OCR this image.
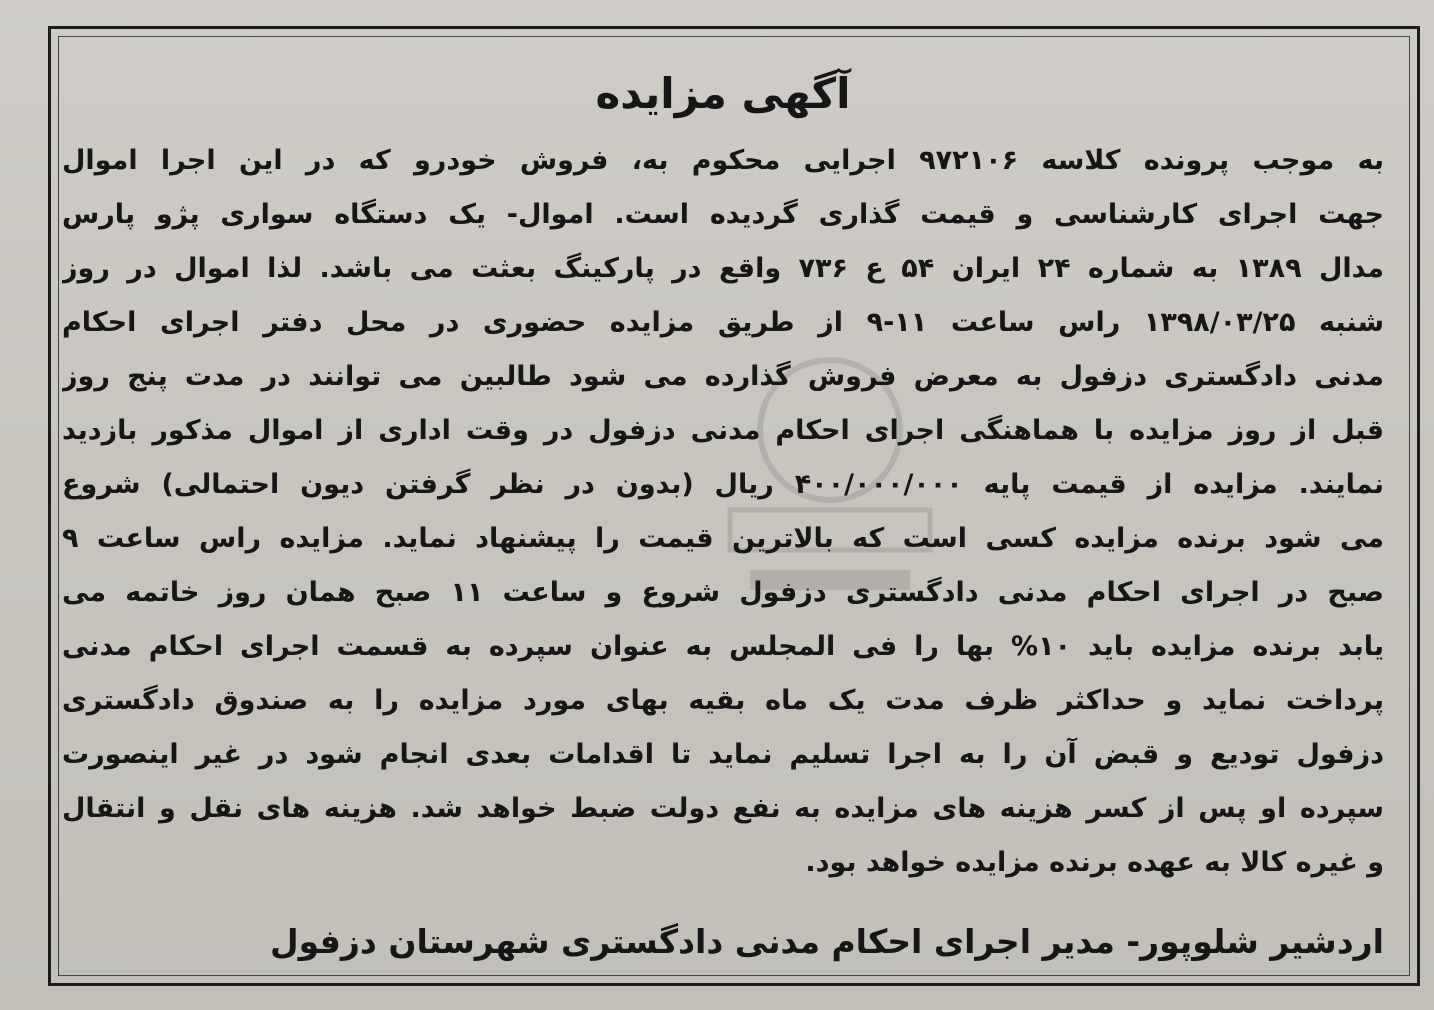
آگهی مزایده
به موجب پرونده کلاسه ۹۷۲۱۰۶ اجرایی محکوم به، فروش خودرو که در این اجرا اموال
جهت اجرای کارشناسی و قیمت گذاری گردیده است. اموال- یک دستگاه سواری پژو پارس
مدال ۱۳۸۹ به شماره ۲۴ ایران ۵۴ ع ۷۳۶ واقع در پارکینگ بعثت می باشد. لذا اموال در روز
شنبه ۱۳۹۸/۰۳/۲۵ راس ساعت ۱۱-۹ از طریق مزایده حضوری در محل دفتر اجرای احکام
مدنی دادگستری دزفول به معرض فروش گذارده می شود طالبین می توانند در مدت پنج روز
قبل از روز مزایده با هماهنگی اجرای احکام مدنی دزفول در وقت اداری از اموال مذکور بازدید
نمایند. مزایده از قیمت پایه ۴۰۰/۰۰۰/۰۰۰ ریال (بدون در نظر گرفتن دیون احتمالی) شروع
می شود برنده مزایده کسی است که بالاترین قیمت را پیشنهاد نماید. مزایده راس ساعت ۹
صبح در اجرای احکام مدنی دادگستری دزفول شروع و ساعت ۱۱ صبح همان روز خاتمه می
یابد برنده مزایده باید ۱۰% بها را فی المجلس به عنوان سپرده به قسمت اجرای احکام مدنی
پرداخت نماید و حداکثر ظرف مدت یک ماه بقیه بهای مورد مزایده را به صندوق دادگستری
دزفول تودیع و قبض آن را به اجرا تسلیم نماید تا اقدامات بعدی انجام شود در غیر اینصورت
سپرده او پس از کسر هزینه های مزایده به نفع دولت ضبط خواهد شد. هزینه های نقل و انتقال
و غیره کالا به عهده برنده مزایده خواهد بود.
اردشیر شلوپور- مدیر اجرای احکام مدنی دادگستری شهرستان دزفول
